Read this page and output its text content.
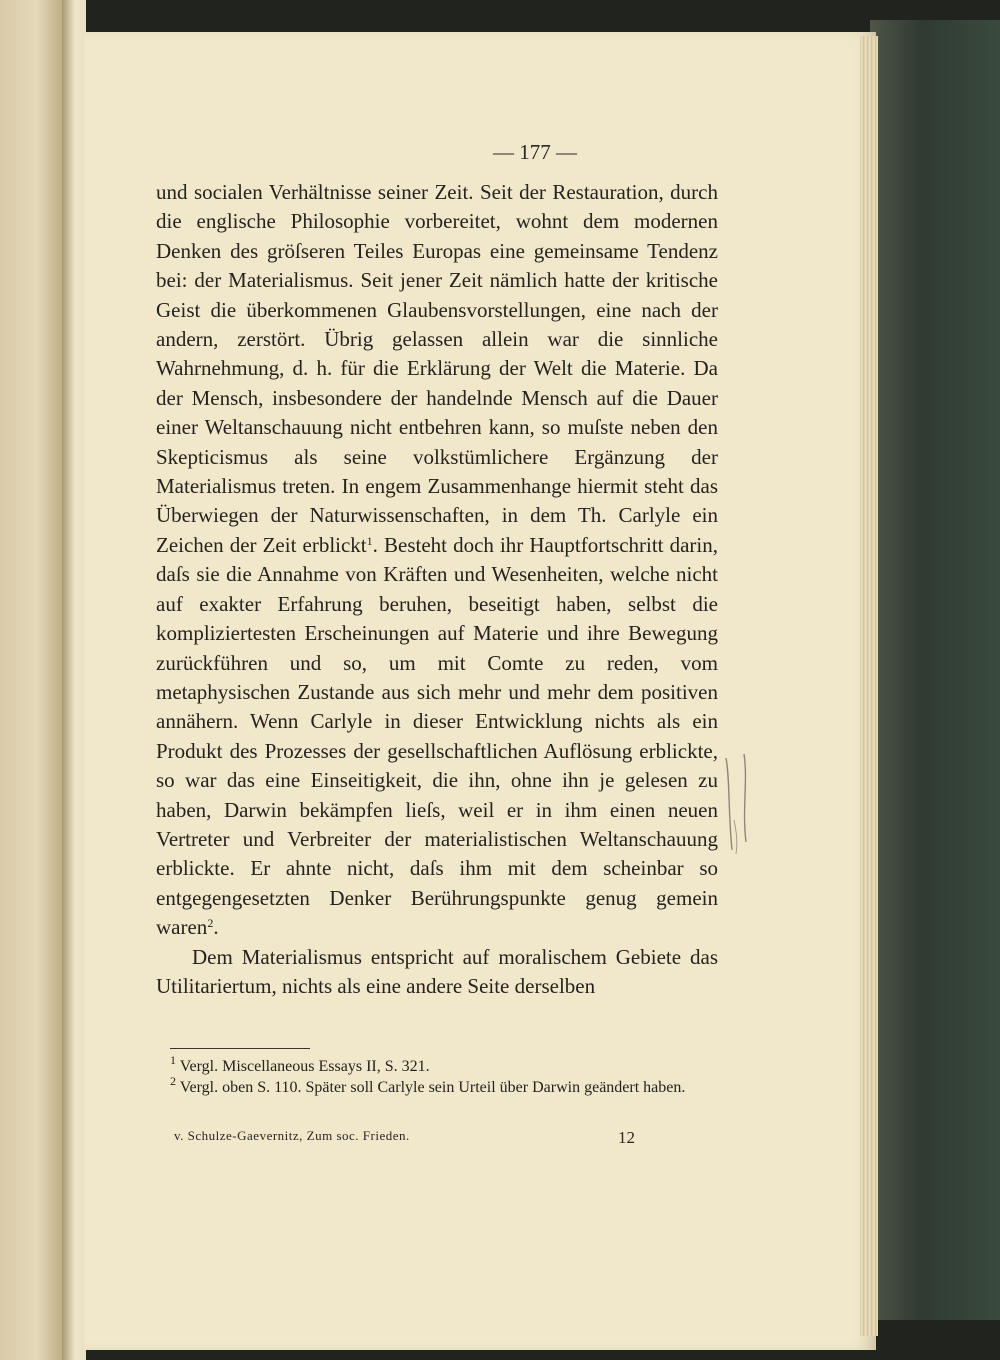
— 177 —

und socialen Verhältnisse seiner Zeit. Seit der Restauration, durch die englische Philosophie vorbereitet, wohnt dem modernen Denken des gröſseren Teiles Europas eine gemeinsame Tendenz bei: der Materialismus. Seit jener Zeit nämlich hatte der kritische Geist die überkommenen Glaubensvorstellungen, eine nach der andern, zerstört. Übrig gelassen allein war die sinnliche Wahrnehmung, d. h. für die Erklärung der Welt die Materie. Da der Mensch, insbesondere der handelnde Mensch auf die Dauer einer Weltanschauung nicht entbehren kann, so muſste neben den Skepticismus als seine volkstümlichere Ergänzung der Materialismus treten. In engem Zusammenhange hiermit steht das Überwiegen der Naturwissenschaften, in dem Th. Carlyle ein Zeichen der Zeit erblickt$^1$. Besteht doch ihr Hauptfortschritt darin, daſs sie die Annahme von Kräften und Wesenheiten, welche nicht auf exakter Erfahrung beruhen, beseitigt haben, selbst die kompliziertesten Erscheinungen auf Materie und ihre Bewegung zurückführen und so, um mit Comte zu reden, vom metaphysischen Zustande aus sich mehr und mehr dem positiven annähern. Wenn Carlyle in dieser Entwicklung nichts als ein Produkt des Prozesses der gesellschaftlichen Auflösung erblickte, so war das eine Einseitigkeit, die ihn, ohne ihn je gelesen zu haben, Darwin bekämpfen lieſs, weil er in ihm einen neuen Vertreter und Verbreiter der materialistischen Weltanschauung erblickte. Er ahnte nicht, daſs ihm mit dem scheinbar so entgegengesetzten Denker Berührungspunkte genug gemein waren$^2$.

Dem Materialismus entspricht auf moralischem Gebiete das Utilitariertum, nichts als eine andere Seite derselben

$^1$ Vergl. Miscellaneous Essays II, S. 321.

$^2$ Vergl. oben S. 110. Später soll Carlyle sein Urteil über Darwin geändert haben.

v. Schulze-Gaevernitz, Zum soc. Frieden.	12
